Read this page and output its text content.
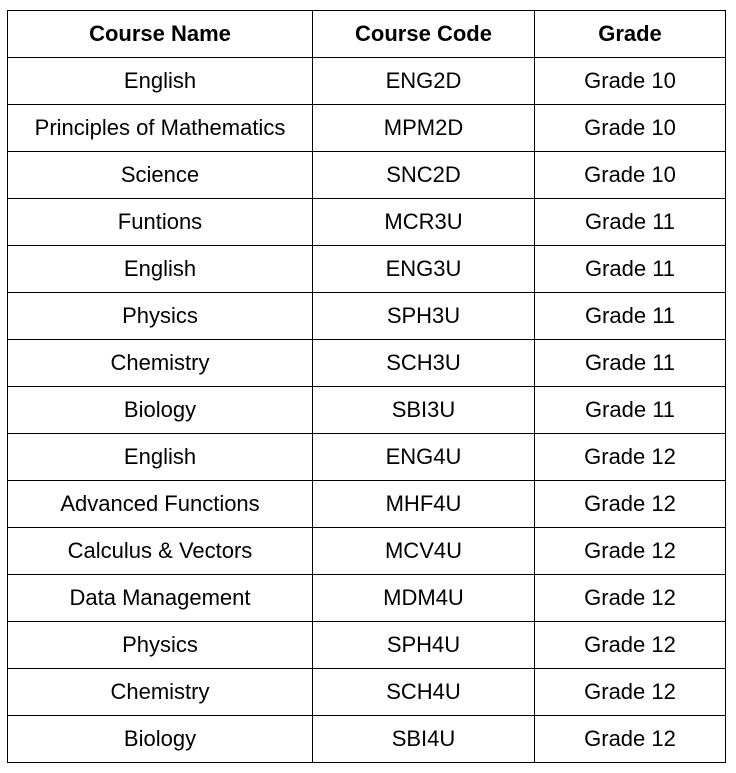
Course Name	Course Code	Grade
English	ENG2D	Grade 10
Principles of Mathematics	MPM2D	Grade 10
Science	SNC2D	Grade 10
Funtions	MCR3U	Grade 11
English	ENG3U	Grade 11
Physics	SPH3U	Grade 11
Chemistry	SCH3U	Grade 11
Biology	SBI3U	Grade 11
English	ENG4U	Grade 12
Advanced Functions	MHF4U	Grade 12
Calculus & Vectors	MCV4U	Grade 12
Data Management	MDM4U	Grade 12
Physics	SPH4U	Grade 12
Chemistry	SCH4U	Grade 12
Biology	SBI4U	Grade 12
